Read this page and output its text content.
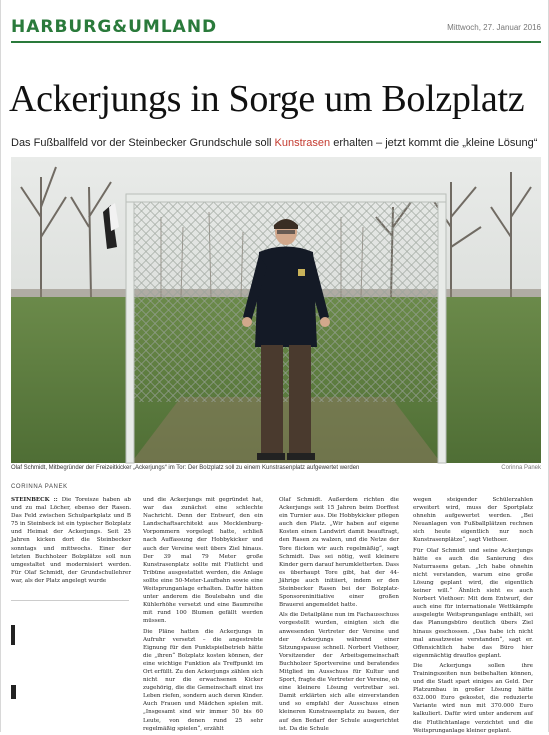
HARBURG&UMLAND	Mittwoch, 27. Januar 2016
Ackerjungs in Sorge um Bolzplatz
Das Fußballfeld vor der Steinbecker Grundschule soll Kunstrasen erhalten – jetzt kommt die „kleine Lösung“
Olaf Schmidt, Mitbegründer der Freizeitkicker „Ackerjungs“ im Tor: Der Bolzplatz soll zu einem Kunstrasenplatz aufgewertet werden	Corinna Panek
CORINNA PANEK

STEINBECK :: Die Toreisze haben ab und zu mal Löcher, ebenso der Rasen. Das Feld zwischen Schulparkplatz und B 75 in Steinbeck ist ein typischer Bolzplatz und Heimat der Ackerjungs. Seit 25 Jahren kicken dort die Steinbecker sonntags und mittwochs. Einer der letzten Buchholzer Bolzplätze soll nun umgestaltet und modernisiert werden. Für Olaf Schmidt, der Grundschullehrer war, als der Platz angelegt wurde

und die Ackerjungs mit gegründet hat, war das zunächst eine schlechte Nachricht. Denn der Entwurf, den ein Landschaftsarchitekt aus Mecklenburg-Vorpommern vorgelegt hatte, schließ nach Auffassung der Hobbykicker und auch der Vereine weit übers Ziel hinaus. Der 39 mal 79 Meter große Kunstrasenplatz sollte mit Flutlicht und Tribüne ausgestattet werden, die Anlage sollte eine 50-Meter-Laufbahn sowie eine Weitsprunganlage erhalten. Dafür hätten unter anderem die Boulebahn und die Kühlerhöhe versetzt und eine Baumreihe mit rund 100 Blumen gefällt werden müssen.

Die Pläne hatten die Ackerjungs in Aufruhr versetzt – die angestrebte Eignung für den Punktspielbetrieb hätte die „ihren“ Bolzplatz kosten können, der eine wichtige Funktion als Treffpunkt im Ort erfüllt. Zu den Ackerjungs zählen sich nicht nur die erwachsenen Kicker zugehörig, die die Gemeinschaft einst ins Leben riefen, sondern auch deren Kinder. Auch Frauen und Mädchen spielen mit. „Insgesamt sind wir immer 50 bis 60 Leute, von denen rund 25 sehr regelmäßig spielen“, erzählt

Olaf Schmidt. Außerdem richten die Ackerjungs seit 15 Jahren beim Dorffest ein Turnier aus. Die Hobbykicker pflegen auch den Platz. „Wir haben auf eigene Kosten einen Landwirt damit beauftragt, den Rasen zu walzen, und die Netze der Tore flicken wir auch regelmäßig“, sagt Schmidt. Das sei nötig, weil kleinere Kinder gern darauf herumkletterten. Dass es überhaupt Tore gibt, hat der 44-Jährige auch initiiert, indem er den Steinbecker Rasen bei der Bolzplatz-Sponsoreninitiative einer großen Brauerei angemeldet hatte.

Als die Detailpläne nun im Fachausschuss vorgestellt wurden, einigten sich die anwesenden Vertreter der Vereine und der Ackerjungs während einer Sitzungspause schnell. Norbert Viethoer, Vorsitzender der Arbeitsgemeinschaft Buchholzer Sportvereine und beratendes Mitglied im Ausschuss für Kultur und Sport, fragte die Vertreter der Vereine, ob eine kleinere Lösung vertretbar sei. Damit erklärten sich alle einverstanden und so empfahl der Ausschuss einen kleineren Kunstrasenplatz zu bauen, der auf den Bedarf der Schule ausgerichtet ist. Da die Schule

wegen steigender Schülerzahlen erweitert wird, muss der Sportplatz ohnehin aufgewertet werden. „Bei Neuanlagen von Fußballplätzen rechnen sich heute eigentlich nur noch Kunstrasenplätze“, sagt Viethoer.

Für Olaf Schmidt und seine Ackerjungs hätte es auch die Sanierung des Naturrasens getan. „Ich habe ohnehin nicht verstanden, warum eine große Lösung geplant wird, die eigentlich keiner will.“ Ähnlich sieht es auch Norbert Viethoer: Mit dem Entwurf, der auch eine für internationale Wettkämpfe ausgelegte Weitsprunganlage enthält, sei das Planungsbüro deutlich übers Ziel hinaus geschossen. „Das habe ich nicht mal ansatzweise verstanden“, sagt er. Offensichtlich habe das Büro hier eigenmächtig drauflos geplant.

Die Ackerjungs sollen ihre Trainingszeiten nun beibehalten können, und die Stadt spart einiges an Geld. Der Platzumbau in großer Lösung hätte 632.000 Euro gekostet, die reduzierte Variante wird nun mit 370.000 Euro kalkuliert. Dafür wird unter anderem auf die Flutlichtanlage verzichtet und die Weitsprunganlage kleiner geplant.
